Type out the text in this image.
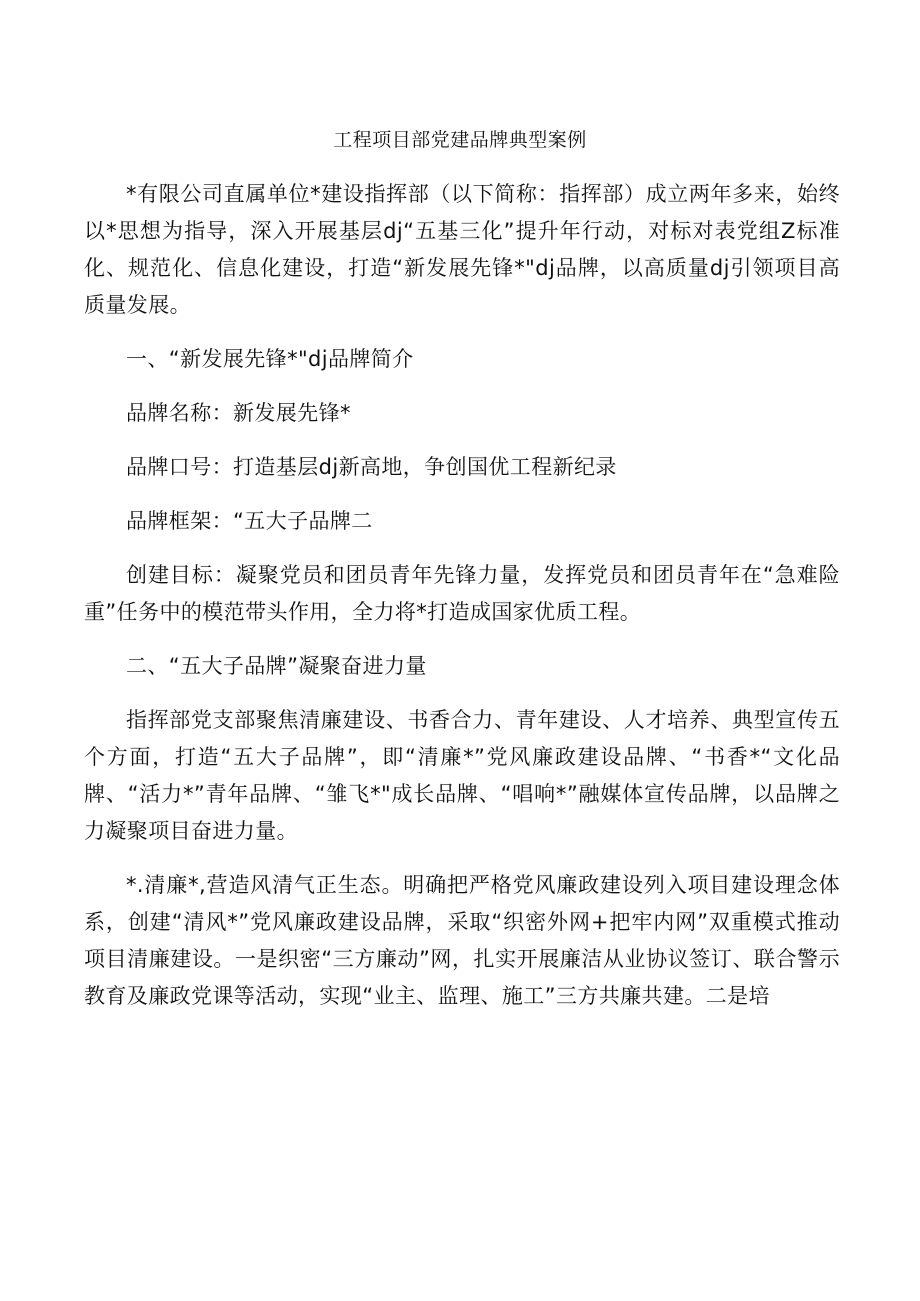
工程项目部党建品牌典型案例

*有限公司直属单位*建设指挥部（以下简称：指挥部）成立两年多来，始终以*思想为指导，深入开展基层dj“五基三化”提升年行动，对标对表党组Z标准化、规范化、信息化建设，打造“新发展先锋*"dj品牌，以高质量dj引领项目高质量发展。

一、“新发展先锋*"dj品牌简介

品牌名称：新发展先锋*

品牌口号：打造基层dj新高地，争创国优工程新纪录

品牌框架：“五大子品牌二

创建目标：凝聚党员和团员青年先锋力量，发挥党员和团员青年在“急难险重”任务中的模范带头作用，全力将*打造成国家优质工程。

二、“五大子品牌”凝聚奋进力量

指挥部党支部聚焦清廉建设、书香合力、青年建设、人才培养、典型宣传五个方面，打造“五大子品牌”，即“清廉*”党风廉政建设品牌、“书香*“文化品牌、“活力*”青年品牌、“雏飞*"成长品牌、“唱响*”融媒体宣传品牌，以品牌之力凝聚项目奋进力量。

*.清廉*,营造风清气正生态。明确把严格党风廉政建设列入项目建设理念体系，创建“清风*”党风廉政建设品牌，采取“织密外网+把牢内网”双重模式推动项目清廉建设。一是织密“三方廉动”网，扎实开展廉洁从业协议签订、联合警示教育及廉政党课等活动，实现“业主、监理、施工”三方共廉共建。二是培
